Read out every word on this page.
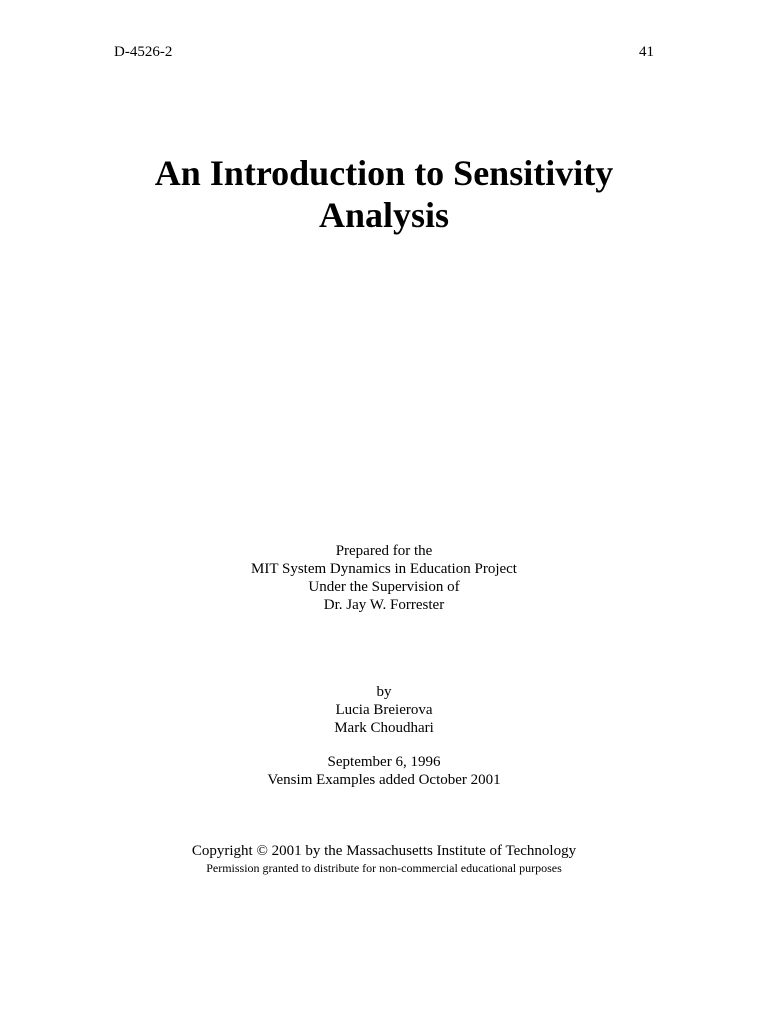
D-4526-2	41
An Introduction to Sensitivity
Analysis
Prepared for the
MIT System Dynamics in Education Project
Under the Supervision of
Dr. Jay W. Forrester
by
Lucia Breierova
Mark Choudhari
September 6, 1996
Vensim Examples added October 2001
Copyright © 2001 by the Massachusetts Institute of Technology
Permission granted to distribute for non-commercial educational purposes
